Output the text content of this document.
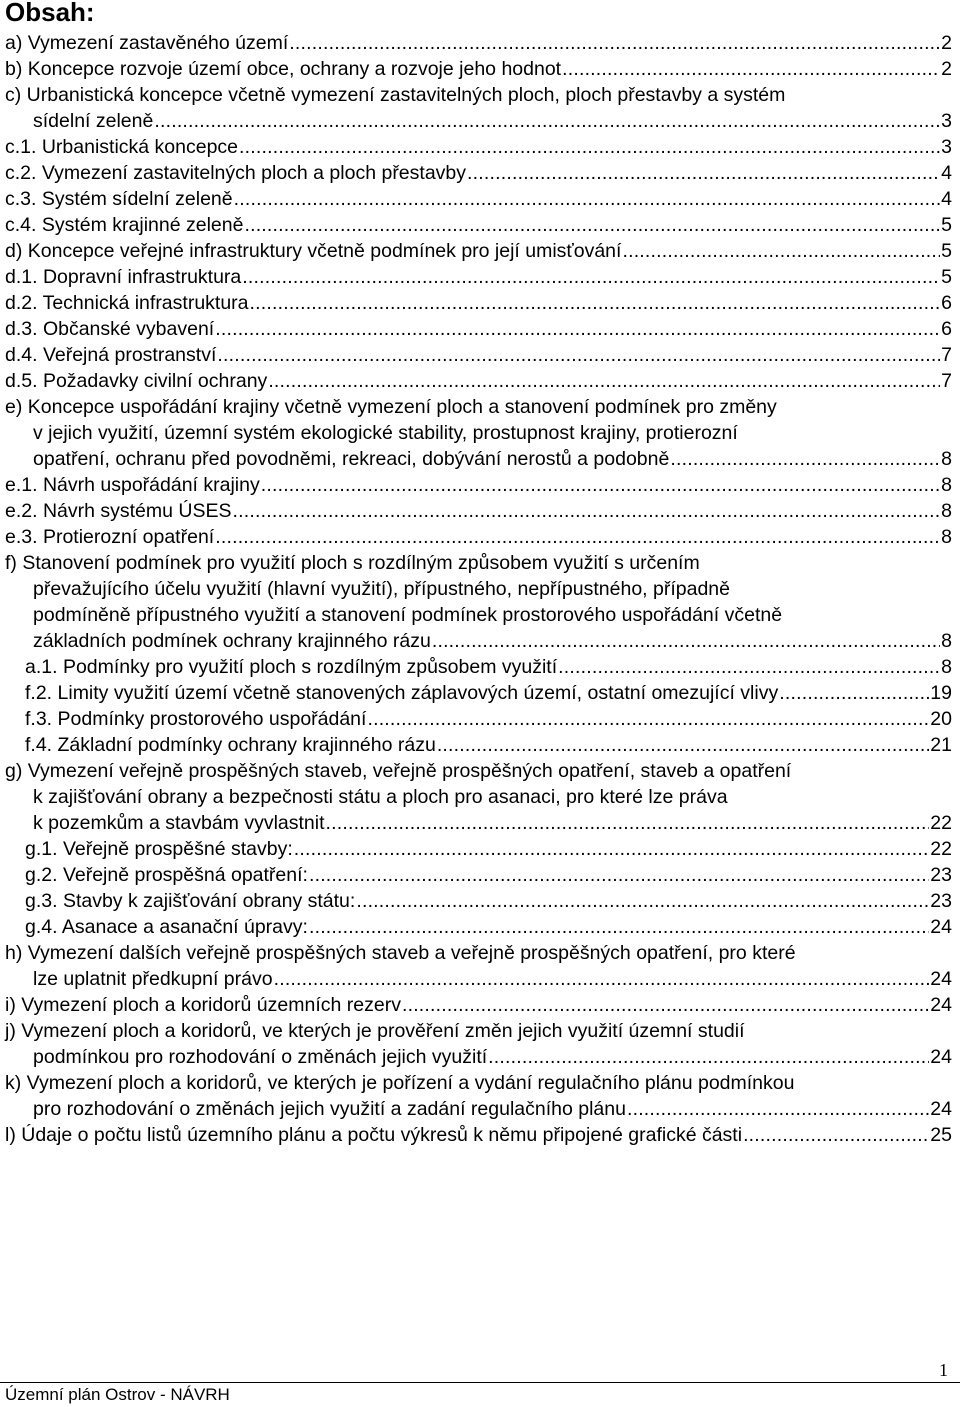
Obsah:
a) Vymezení zastavěného území .....	2
b) Koncepce rozvoje území obce, ochrany a rozvoje jeho hodnot .....	2
c) Urbanistická koncepce včetně vymezení zastavitelných ploch, ploch přestavby a systém
sídelní zeleně .....	3
c.1. Urbanistická koncepce .....	3
c.2. Vymezení zastavitelných ploch a ploch přestavby .....	4
c.3. Systém sídelní zeleně .....	4
c.4. Systém krajinné zeleně .....	5
d) Koncepce veřejné infrastruktury včetně podmínek pro její umisťování .....	5
d.1. Dopravní infrastruktura .....	5
d.2. Technická infrastruktura .....	6
d.3. Občanské vybavení .....	6
d.4. Veřejná prostranství .....	7
d.5. Požadavky civilní ochrany .....	7
e) Koncepce uspořádání krajiny včetně vymezení ploch a stanovení podmínek pro změny
v jejich využití, územní systém ekologické stability, prostupnost krajiny, protierozní
opatření, ochranu před povodněmi, rekreaci, dobývání nerostů a podobně .....	8
e.1. Návrh uspořádání krajiny .....	8
e.2. Návrh systému ÚSES .....	8
e.3. Protierozní opatření .....	8
f) Stanovení podmínek pro využití ploch s rozdílným způsobem využití s určením
převažujícího účelu využití (hlavní využití), přípustného, nepřípustného, případně
podmíněně přípustného využití a stanovení podmínek prostorového uspořádání včetně
základních podmínek ochrany krajinného rázu .....	8
a.1. Podmínky pro využití ploch s rozdílným způsobem využití .....	8
f.2. Limity využití území včetně stanovených záplavových území, ostatní omezující vlivy .....	19
f.3. Podmínky prostorového uspořádání .....	20
f.4. Základní podmínky ochrany krajinného rázu .....	21
g) Vymezení veřejně prospěšných staveb, veřejně prospěšných opatření, staveb a opatření
k zajišťování obrany a bezpečnosti státu a ploch pro asanaci, pro které lze práva
k pozemkům a stavbám vyvlastnit .....	22
g.1. Veřejně prospěšné stavby: .....	22
g.2. Veřejně prospěšná opatření: .....	23
g.3. Stavby k zajišťování obrany státu: .....	23
g.4. Asanace a asanační úpravy: .....	24
h) Vymezení dalších veřejně prospěšných staveb a veřejně prospěšných opatření, pro které
lze uplatnit předkupní právo .....	24
i) Vymezení ploch a koridorů územních rezerv .....	24
j) Vymezení ploch a koridorů, ve kterých je prověření změn jejich využití územní studií
podmínkou pro rozhodování o změnách jejich využití .....	24
k) Vymezení ploch a koridorů, ve kterých je pořízení a vydání regulačního plánu podmínkou
pro rozhodování o změnách jejich využití a zadání regulačního plánu .....	24
l) Údaje o počtu listů územního plánu a počtu výkresů k němu připojené grafické části .....	25
1
Územní plán Ostrov - NÁVRH
